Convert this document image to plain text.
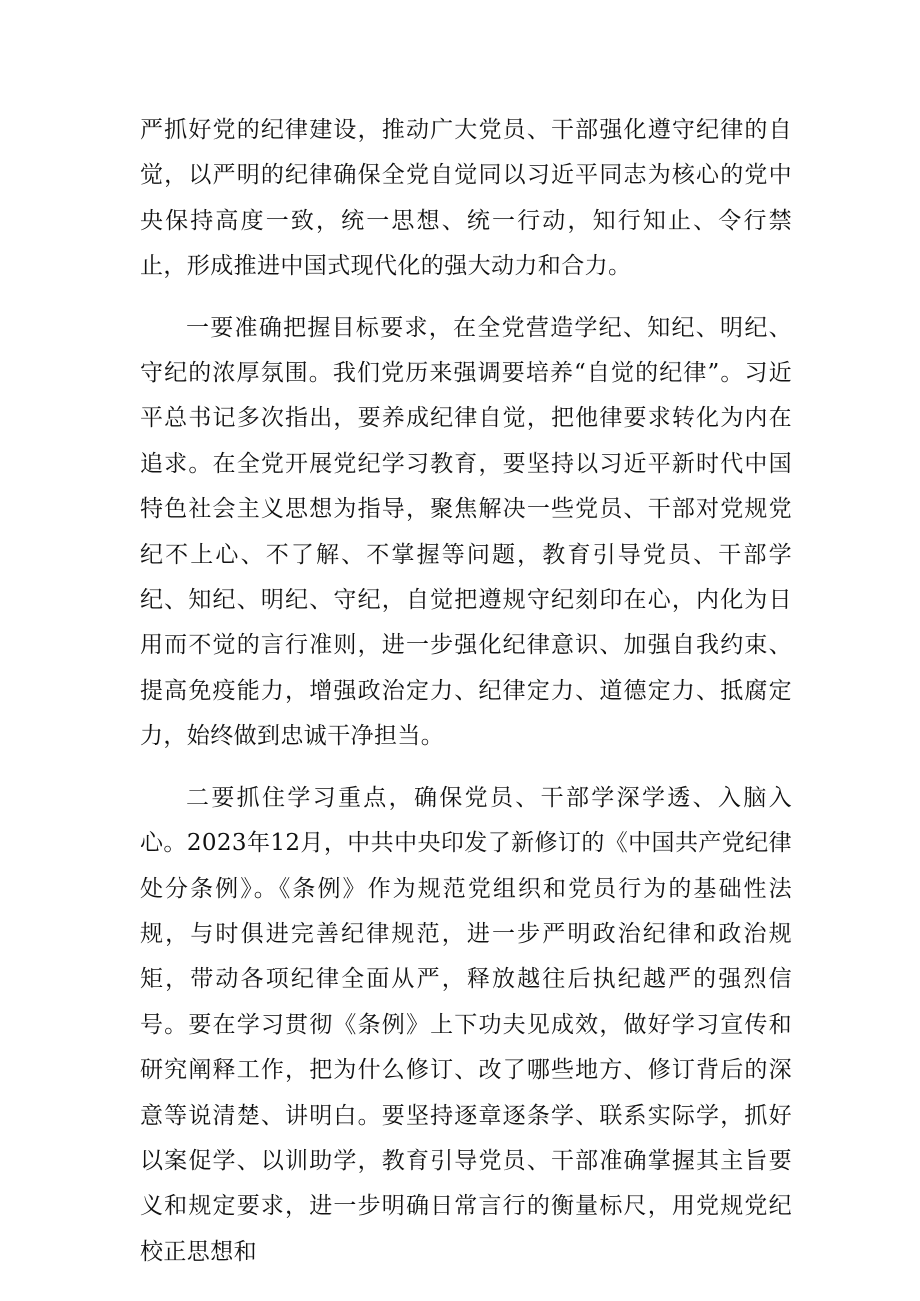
严抓好党的纪律建设，推动广大党员、干部强化遵守纪律的自觉，以严明的纪律确保全党自觉同以习近平同志为核心的党中央保持高度一致，统一思想、统一行动，知行知止、令行禁止，形成推进中国式现代化的强大动力和合力。

一要准确把握目标要求，在全党营造学纪、知纪、明纪、守纪的浓厚氛围。我们党历来强调要培养“自觉的纪律”。习近平总书记多次指出，要养成纪律自觉，把他律要求转化为内在追求。在全党开展党纪学习教育，要坚持以习近平新时代中国特色社会主义思想为指导，聚焦解决一些党员、干部对党规党纪不上心、不了解、不掌握等问题，教育引导党员、干部学纪、知纪、明纪、守纪，自觉把遵规守纪刻印在心，内化为日用而不觉的言行准则，进一步强化纪律意识、加强自我约束、提高免疫能力，增强政治定力、纪律定力、道德定力、抵腐定力，始终做到忠诚干净担当。

二要抓住学习重点，确保党员、干部学深学透、入脑入心。2023年12月，中共中央印发了新修订的《中国共产党纪律处分条例》。《条例》作为规范党组织和党员行为的基础性法规，与时俱进完善纪律规范，进一步严明政治纪律和政治规矩，带动各项纪律全面从严，释放越往后执纪越严的强烈信号。要在学习贯彻《条例》上下功夫见成效，做好学习宣传和研究阐释工作，把为什么修订、改了哪些地方、修订背后的深意等说清楚、讲明白。要坚持逐章逐条学、联系实际学，抓好以案促学、以训助学，教育引导党员、干部准确掌握其主旨要义和规定要求，进一步明确日常言行的衡量标尺，用党规党纪校正思想和
